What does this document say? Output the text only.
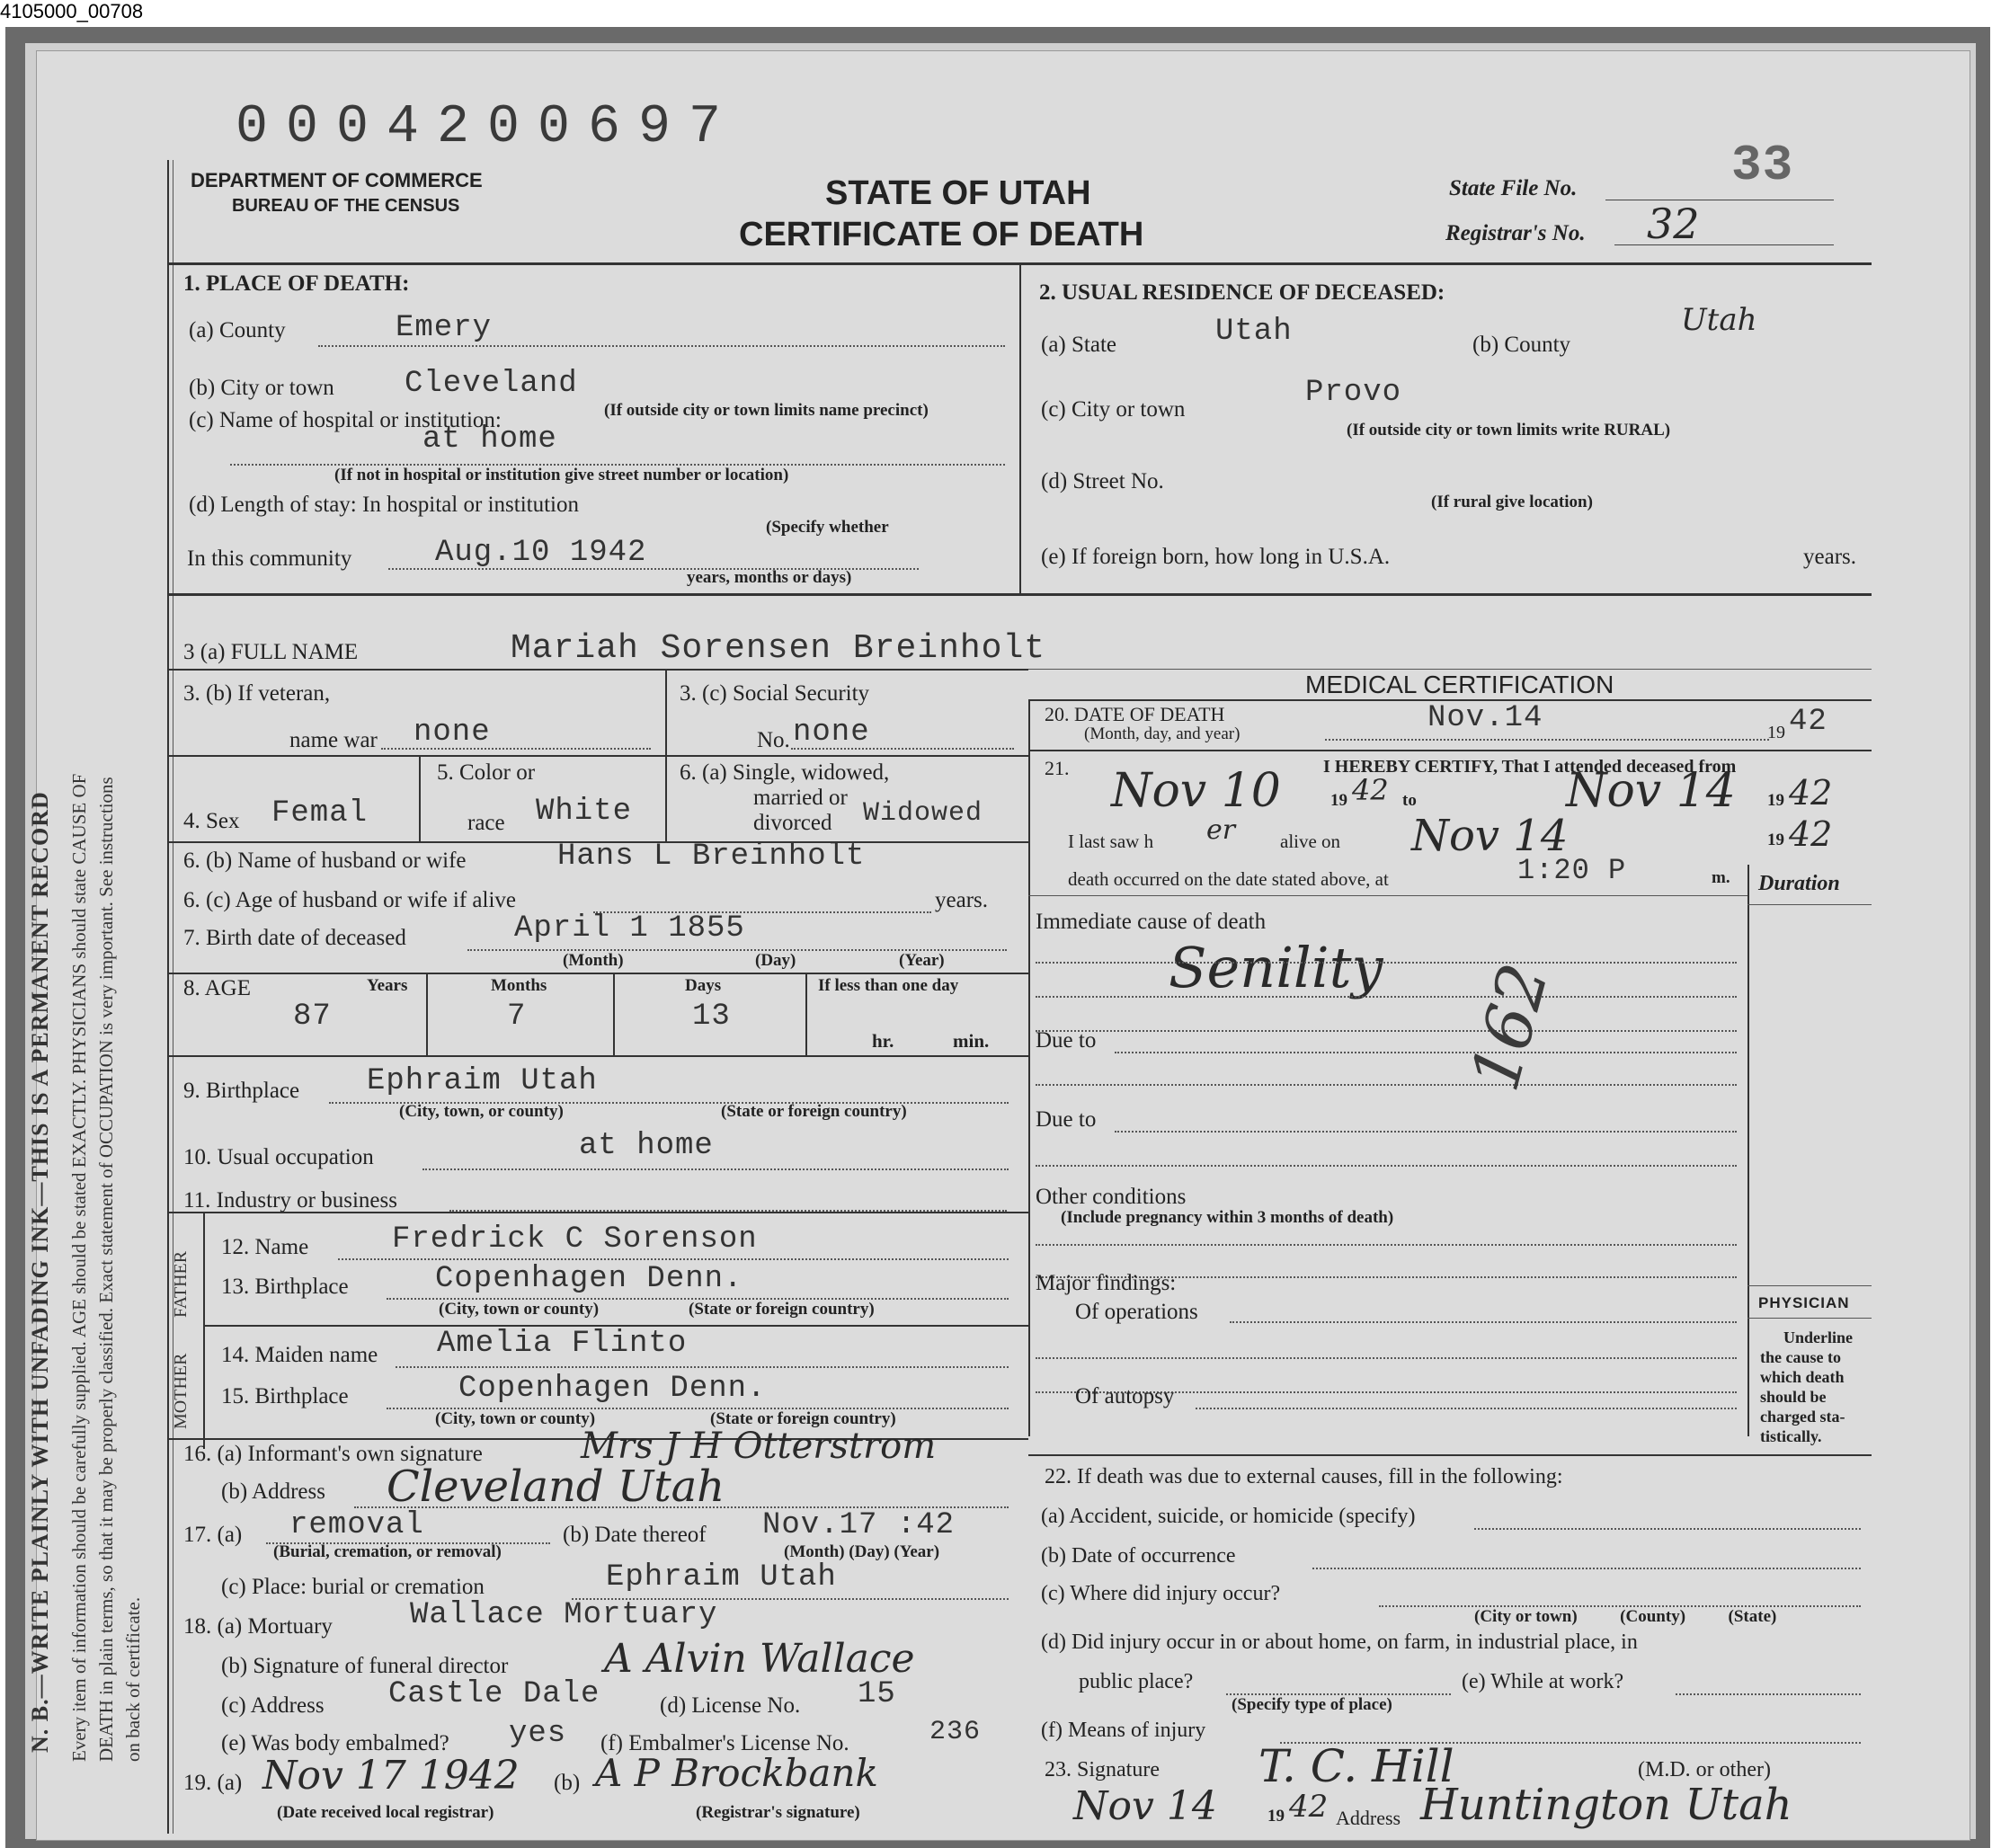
4105000_00708
0004200697
N. B.—WRITE PLAINLY WITH UNFADING INK—THIS IS A PERMANENT RECORD Every item of information should be carefully supplied. AGE should be stated EXACTLY. PHYSICIANS should state CAUSE OF DEATH in plain terms, so that it may be properly classified. Exact statement of OCCUPATION is very important. See instructions on back of certificate.
DEPARTMENT OF COMMERCE
BUREAU OF THE CENSUS	STATE OF UTAH
CERTIFICATE OF DEATH
State File No.	33
Registrar's No. 32
1. PLACE OF DEATH:
(a) County	Emery
(b) City or town Cleveland
(If outside city or town limits name precinct)
(c) Name of hospital or institution:
at home
(If not in hospital or institution give street number or location)
(d) Length of stay: In hospital or institution
(Specify whether
In this community	Aug.10 1942
years, months or days)
2. USUAL RESIDENCE OF DECEASED:
(a) State	Utah	(b) County
Utah
(c) City or town	Provo
(If outside city or town limits write RURAL)
(d) Street No.
(If rural give location)
(e) If foreign born, how long in U.S.A.	years.
3 (a) FULL NAME	Mariah Sorensen Breinholt
MEDICAL CERTIFICATION
3. (b) If veteran,
name war none
3. (c) Social Security
No. none
4. Sex Femal
5. Color or
race White
6. (a) Single, widowed,
married or
divorced Widowed
6. (b) Name of husband or wife	Hans L Breinholt
6. (c) Age of husband or wife if alive	years.
7. Birth date of deceased	April 1 1855
(Month)	(Day)	(Year)
8. AGE	Years	Months	Days	If less than one day
87	7	13
hr.	min.
9. Birthplace Ephraim Utah
(City, town, or county)	(State or foreign country)
10. Usual occupation	at home
11. Industry or business
FATHER
12. Name	Fredrick C Sorenson
13. Birthplace	Copenhagen Denn.
(City, town or county)	(State or foreign country)
MOTHER 14. Maiden name Amelia Flinto
15. Birthplace	Copenhagen Denn.
(City, town or county)	(State or foreign country)
16. (a) Informant's own signature	Mrs J H Otterstrom
(b) Address Cleveland Utah
17. (a) removal
(Burial, cremation, or removal)
(b) Date thereof Nov.17 :42
(Month) (Day) (Year)
(c) Place: burial or cremation	Ephraim Utah
18. (a) Mortuary	Wallace Mortuary
(b) Signature of funeral director A Alvin Wallace
(c) Address Castle Dale	(d) License No. 15
(e) Was body embalmed? yes (f) Embalmer's License No.	236
19. (a) Nov 17 1942 (b) A P Brockbank
(Date received local registrar)	(Registrar's signature)
20. DATE OF DEATH
(Month, day, and year)	Nov.14	19 42
21.	I HEREBY CERTIFY, That I attended deceased from
Nov 10	19 42 to	Nov 14 19 42
I last saw h er alive on Nov 14	19 42
death occurred on the date stated above, at	1:20 P	m. Duration
Immediate cause of death
Senility
Due to
Due to
162
Other conditions
(Include pregnancy within 3 months of death)
Major findings:
Of operations
Of autopsy
PHYSICIAN
Underline
the cause to
which death
should be
charged sta-
tistically.
22. If death was due to external causes, fill in the following:
(a) Accident, suicide, or homicide (specify)
(b) Date of occurrence
(c) Where did injury occur?
(City or town)          (County)          (State)
(d) Did injury occur in or about home, on farm, in industrial place, in
public place?
(Specify type of place)
(e) While at work?
(f) Means of injury
23. Signature T. C. Hill	(M.D. or other)
Nov 14	19 42 Address Huntington Utah
